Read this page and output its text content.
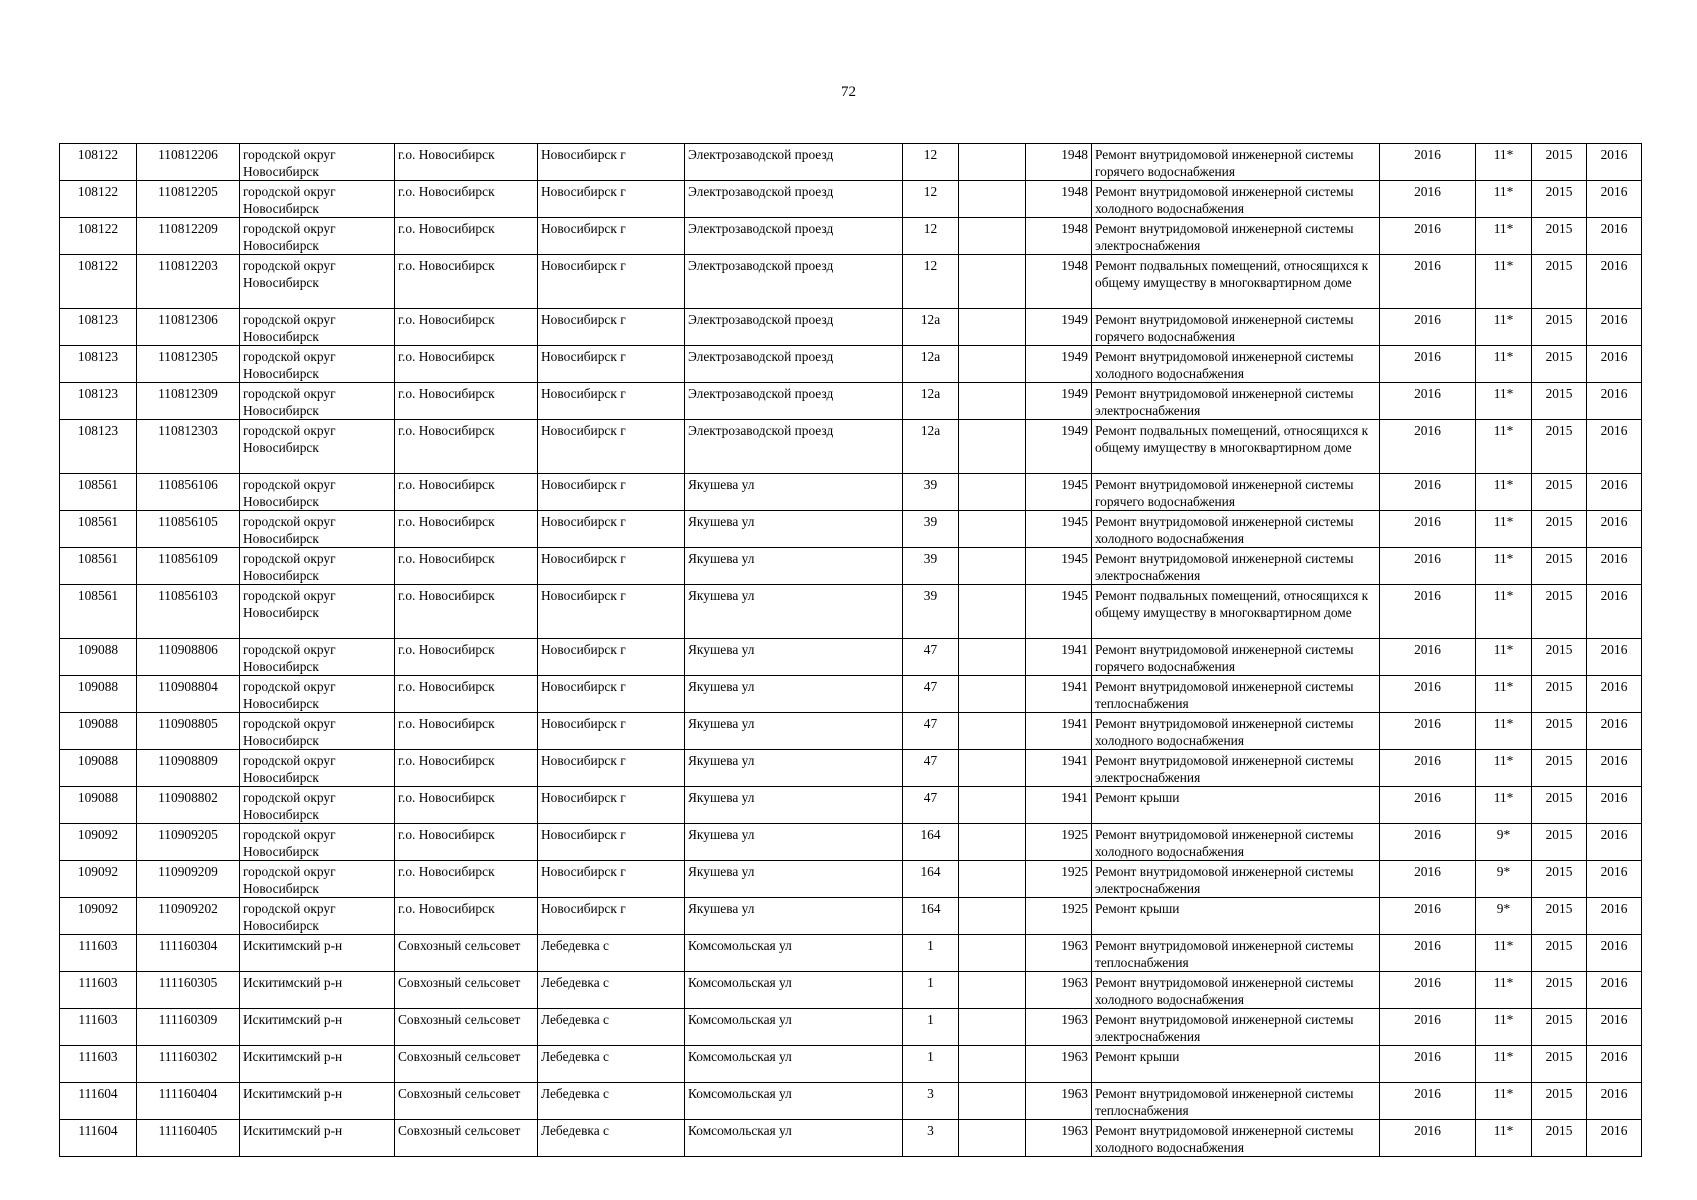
72
108122	110812206	городской округ Новосибирск	г.о. Новосибирск	Новосибирск г	Электрозаводской проезд	12		1948	Ремонт внутридомовой инженерной системы горячего водоснабжения	2016	11*	2015	2016
108122	110812205	городской округ Новосибирск	г.о. Новосибирск	Новосибирск г	Электрозаводской проезд	12		1948	Ремонт внутридомовой инженерной системы холодного водоснабжения	2016	11*	2015	2016
108122	110812209	городской округ Новосибирск	г.о. Новосибирск	Новосибирск г	Электрозаводской проезд	12		1948	Ремонт внутридомовой инженерной системы электроснабжения	2016	11*	2015	2016
108122	110812203	городской округ Новосибирск	г.о. Новосибирск	Новосибирск г	Электрозаводской проезд	12		1948	Ремонт подвальных помещений, относящихся к общему имуществу в многоквартирном доме	2016	11*	2015	2016
108123	110812306	городской округ Новосибирск	г.о. Новосибирск	Новосибирск г	Электрозаводской проезд	12а		1949	Ремонт внутридомовой инженерной системы горячего водоснабжения	2016	11*	2015	2016
108123	110812305	городской округ Новосибирск	г.о. Новосибирск	Новосибирск г	Электрозаводской проезд	12а		1949	Ремонт внутридомовой инженерной системы холодного водоснабжения	2016	11*	2015	2016
108123	110812309	городской округ Новосибирск	г.о. Новосибирск	Новосибирск г	Электрозаводской проезд	12а		1949	Ремонт внутридомовой инженерной системы электроснабжения	2016	11*	2015	2016
108123	110812303	городской округ Новосибирск	г.о. Новосибирск	Новосибирск г	Электрозаводской проезд	12а		1949	Ремонт подвальных помещений, относящихся к общему имуществу в многоквартирном доме	2016	11*	2015	2016
108561	110856106	городской округ Новосибирск	г.о. Новосибирск	Новосибирск г	Якушева ул	39		1945	Ремонт внутридомовой инженерной системы горячего водоснабжения	2016	11*	2015	2016
108561	110856105	городской округ Новосибирск	г.о. Новосибирск	Новосибирск г	Якушева ул	39		1945	Ремонт внутридомовой инженерной системы холодного водоснабжения	2016	11*	2015	2016
108561	110856109	городской округ Новосибирск	г.о. Новосибирск	Новосибирск г	Якушева ул	39		1945	Ремонт внутридомовой инженерной системы электроснабжения	2016	11*	2015	2016
108561	110856103	городской округ Новосибирск	г.о. Новосибирск	Новосибирск г	Якушева ул	39		1945	Ремонт подвальных помещений, относящихся к общему имуществу в многоквартирном доме	2016	11*	2015	2016
109088	110908806	городской округ Новосибирск	г.о. Новосибирск	Новосибирск г	Якушева ул	47		1941	Ремонт внутридомовой инженерной системы горячего водоснабжения	2016	11*	2015	2016
109088	110908804	городской округ Новосибирск	г.о. Новосибирск	Новосибирск г	Якушева ул	47		1941	Ремонт внутридомовой инженерной системы теплоснабжения	2016	11*	2015	2016
109088	110908805	городской округ Новосибирск	г.о. Новосибирск	Новосибирск г	Якушева ул	47		1941	Ремонт внутридомовой инженерной системы холодного водоснабжения	2016	11*	2015	2016
109088	110908809	городской округ Новосибирск	г.о. Новосибирск	Новосибирск г	Якушева ул	47		1941	Ремонт внутридомовой инженерной системы электроснабжения	2016	11*	2015	2016
109088	110908802	городской округ Новосибирск	г.о. Новосибирск	Новосибирск г	Якушева ул	47		1941	Ремонт крыши	2016	11*	2015	2016
109092	110909205	городской округ Новосибирск	г.о. Новосибирск	Новосибирск г	Якушева ул	164		1925	Ремонт внутридомовой инженерной системы холодного водоснабжения	2016	9*	2015	2016
109092	110909209	городской округ Новосибирск	г.о. Новосибирск	Новосибирск г	Якушева ул	164		1925	Ремонт внутридомовой инженерной системы электроснабжения	2016	9*	2015	2016
109092	110909202	городской округ Новосибирск	г.о. Новосибирск	Новосибирск г	Якушева ул	164		1925	Ремонт крыши	2016	9*	2015	2016
111603	111160304	Искитимский р-н	Совхозный сельсовет	Лебедевка с	Комсомольская ул	1		1963	Ремонт внутридомовой инженерной системы теплоснабжения	2016	11*	2015	2016
111603	111160305	Искитимский р-н	Совхозный сельсовет	Лебедевка с	Комсомольская ул	1		1963	Ремонт внутридомовой инженерной системы холодного водоснабжения	2016	11*	2015	2016
111603	111160309	Искитимский р-н	Совхозный сельсовет	Лебедевка с	Комсомольская ул	1		1963	Ремонт внутридомовой инженерной системы электроснабжения	2016	11*	2015	2016
111603	111160302	Искитимский р-н	Совхозный сельсовет	Лебедевка с	Комсомольская ул	1		1963	Ремонт крыши	2016	11*	2015	2016
111604	111160404	Искитимский р-н	Совхозный сельсовет	Лебедевка с	Комсомольская ул	3		1963	Ремонт внутридомовой инженерной системы теплоснабжения	2016	11*	2015	2016
111604	111160405	Искитимский р-н	Совхозный сельсовет	Лебедевка с	Комсомольская ул	3		1963	Ремонт внутридомовой инженерной системы холодного водоснабжения	2016	11*	2015	2016
